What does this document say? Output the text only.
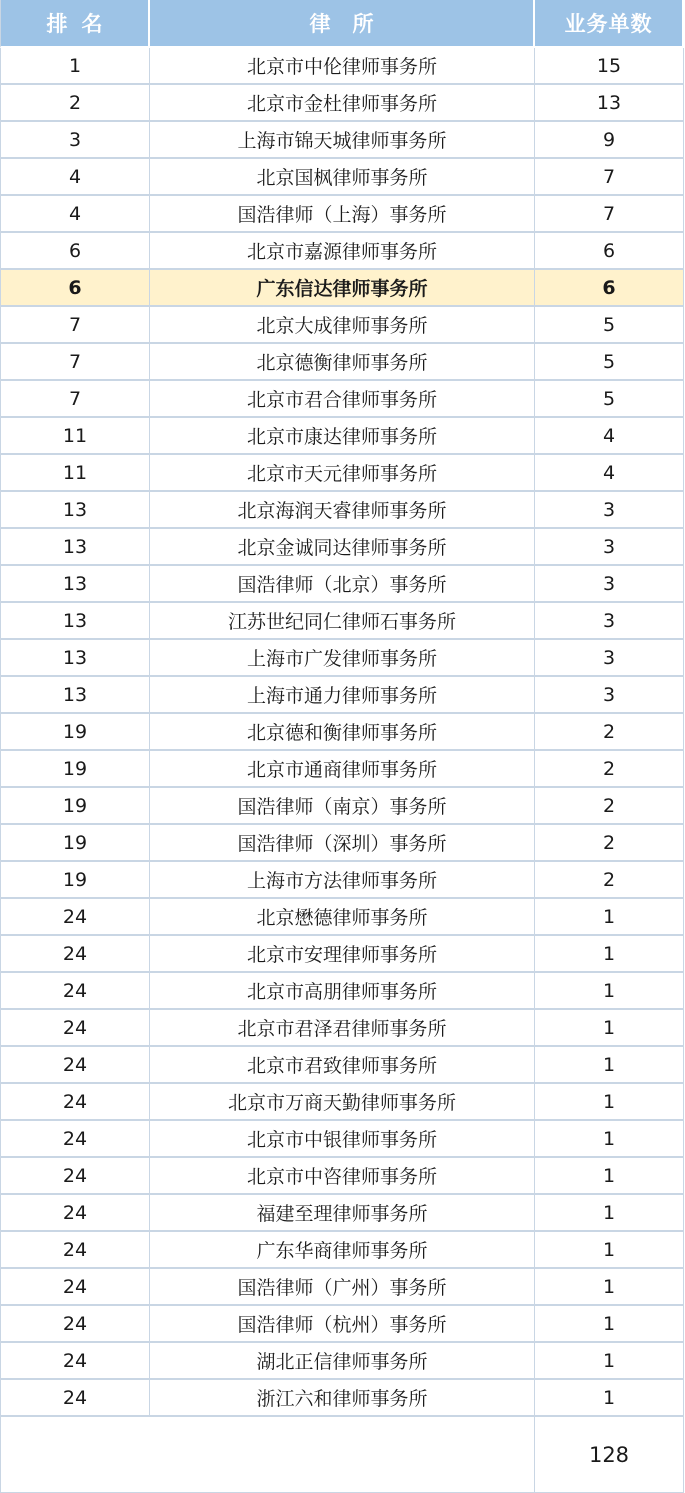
排名	律所	业务单数
1	北京市中伦律师事务所	15
2	北京市金杜律师事务所	13
3	上海市锦天城律师事务所	9
4	北京国枫律师事务所	7
4	国浩律师（上海）事务所	7
6	北京市嘉源律师事务所	6
6	广东信达律师事务所	6
7	北京大成律师事务所	5
7	北京德衡律师事务所	5
7	北京市君合律师事务所	5
11	北京市康达律师事务所	4
11	北京市天元律师事务所	4
13	北京海润天睿律师事务所	3
13	北京金诚同达律师事务所	3
13	国浩律师（北京）事务所	3
13	江苏世纪同仁律师石事务所	3
13	上海市广发律师事务所	3
13	上海市通力律师事务所	3
19	北京德和衡律师事务所	2
19	北京市通商律师事务所	2
19	国浩律师（南京）事务所	2
19	国浩律师（深圳）事务所	2
19	上海市方法律师事务所	2
24	北京懋德律师事务所	1
24	北京市安理律师事务所	1
24	北京市高朋律师事务所	1
24	北京市君泽君律师事务所	1
24	北京市君致律师事务所	1
24	北京市万商天勤律师事务所	1
24	北京市中银律师事务所	1
24	北京市中咨律师事务所	1
24	福建至理律师事务所	1
24	广东华商律师事务所	1
24	国浩律师（广州）事务所	1
24	国浩律师（杭州）事务所	1
24	湖北正信律师事务所	1
24	浙江六和律师事务所	1
		128
